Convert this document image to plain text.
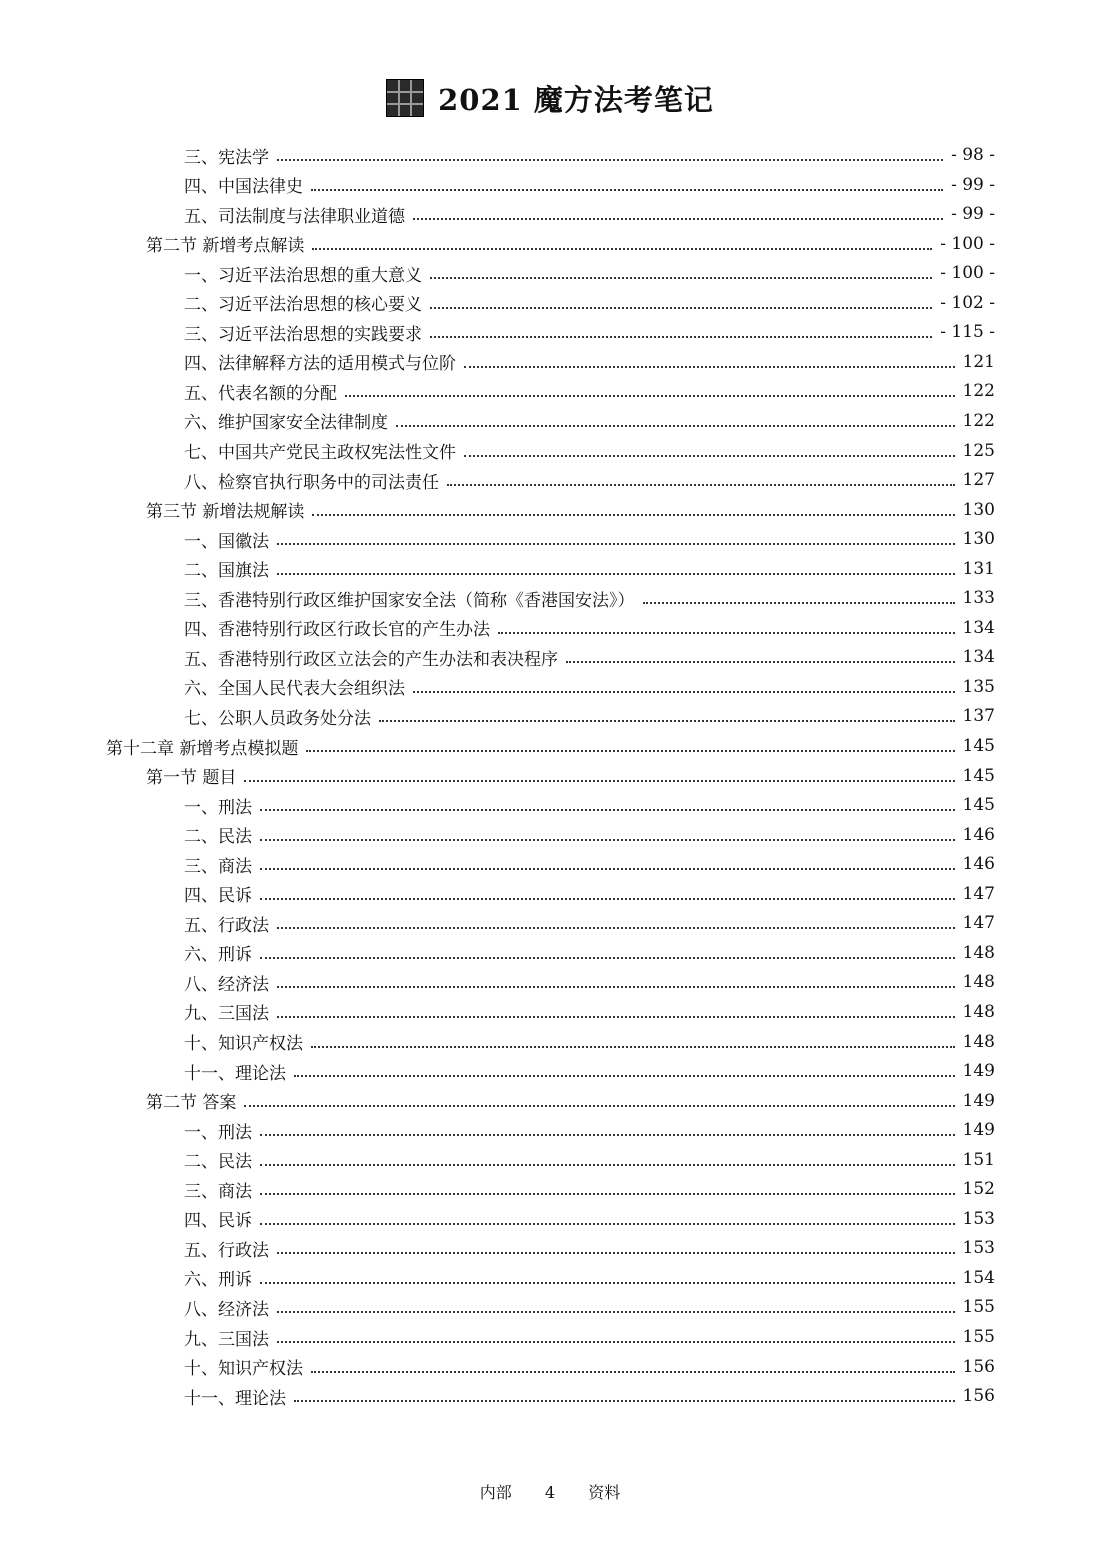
2021 魔方法考笔记
三、宪法学	- 98 -
四、中国法律史	- 99 -
五、司法制度与法律职业道德	- 99 -
第二节 新增考点解读	- 100 -
一、习近平法治思想的重大意义	- 100 -
二、习近平法治思想的核心要义	- 102 -
三、习近平法治思想的实践要求	- 115 -
四、法律解释方法的适用模式与位阶	121
五、代表名额的分配	122
六、维护国家安全法律制度	122
七、中国共产党民主政权宪法性文件	125
八、检察官执行职务中的司法责任	127
第三节 新增法规解读	130
一、国徽法	130
二、国旗法	131
三、香港特别行政区维护国家安全法（简称《香港国安法》）	133
四、香港特别行政区行政长官的产生办法	134
五、香港特别行政区立法会的产生办法和表决程序	134
六、全国人民代表大会组织法	135
七、公职人员政务处分法	137
第十二章 新增考点模拟题	145
第一节 题目	145
一、刑法	145
二、民法	146
三、商法	146
四、民诉	147
五、行政法	147
六、刑诉	148
八、经济法	148
九、三国法	148
十、知识产权法	148
十一、理论法	149
第二节 答案	149
一、刑法	149
二、民法	151
三、商法	152
四、民诉	153
五、行政法	153
六、刑诉	154
八、经济法	155
九、三国法	155
十、知识产权法	156
十一、理论法	156
内部 4 资料
